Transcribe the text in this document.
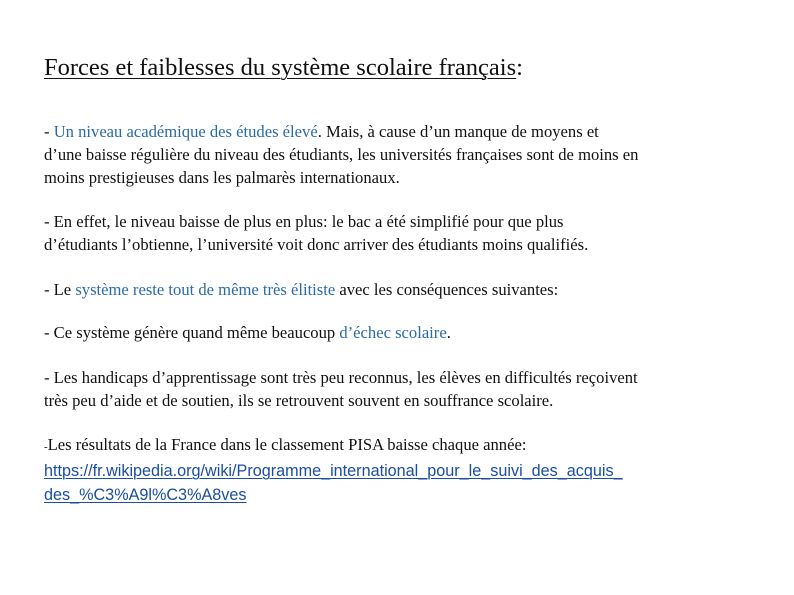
Forces et faiblesses du système scolaire français:
- Un niveau académique des études élevé. Mais, à cause d’un manque de moyens et
d’une baisse régulière du niveau des étudiants, les universités françaises sont de moins en
moins prestigieuses dans les palmarès internationaux.
- En effet, le niveau baisse de plus en plus: le bac a été simplifié pour que plus
d’étudiants l’obtienne, l’université voit donc arriver des étudiants moins qualifiés.
- Le système reste tout de même très élitiste avec les conséquences suivantes:
- Ce système génère quand même beaucoup d’échec scolaire.
- Les handicaps d’apprentissage sont très peu reconnus, les élèves en difficultés reçoivent
très peu d’aide et de soutien, ils se retrouvent souvent en souffrance scolaire.
-Les résultats de la France dans le classement PISA baisse chaque année:
https://fr.wikipedia.org/wiki/Programme_international_pour_le_suivi_des_acquis_
des_%C3%A9l%C3%A8ves
